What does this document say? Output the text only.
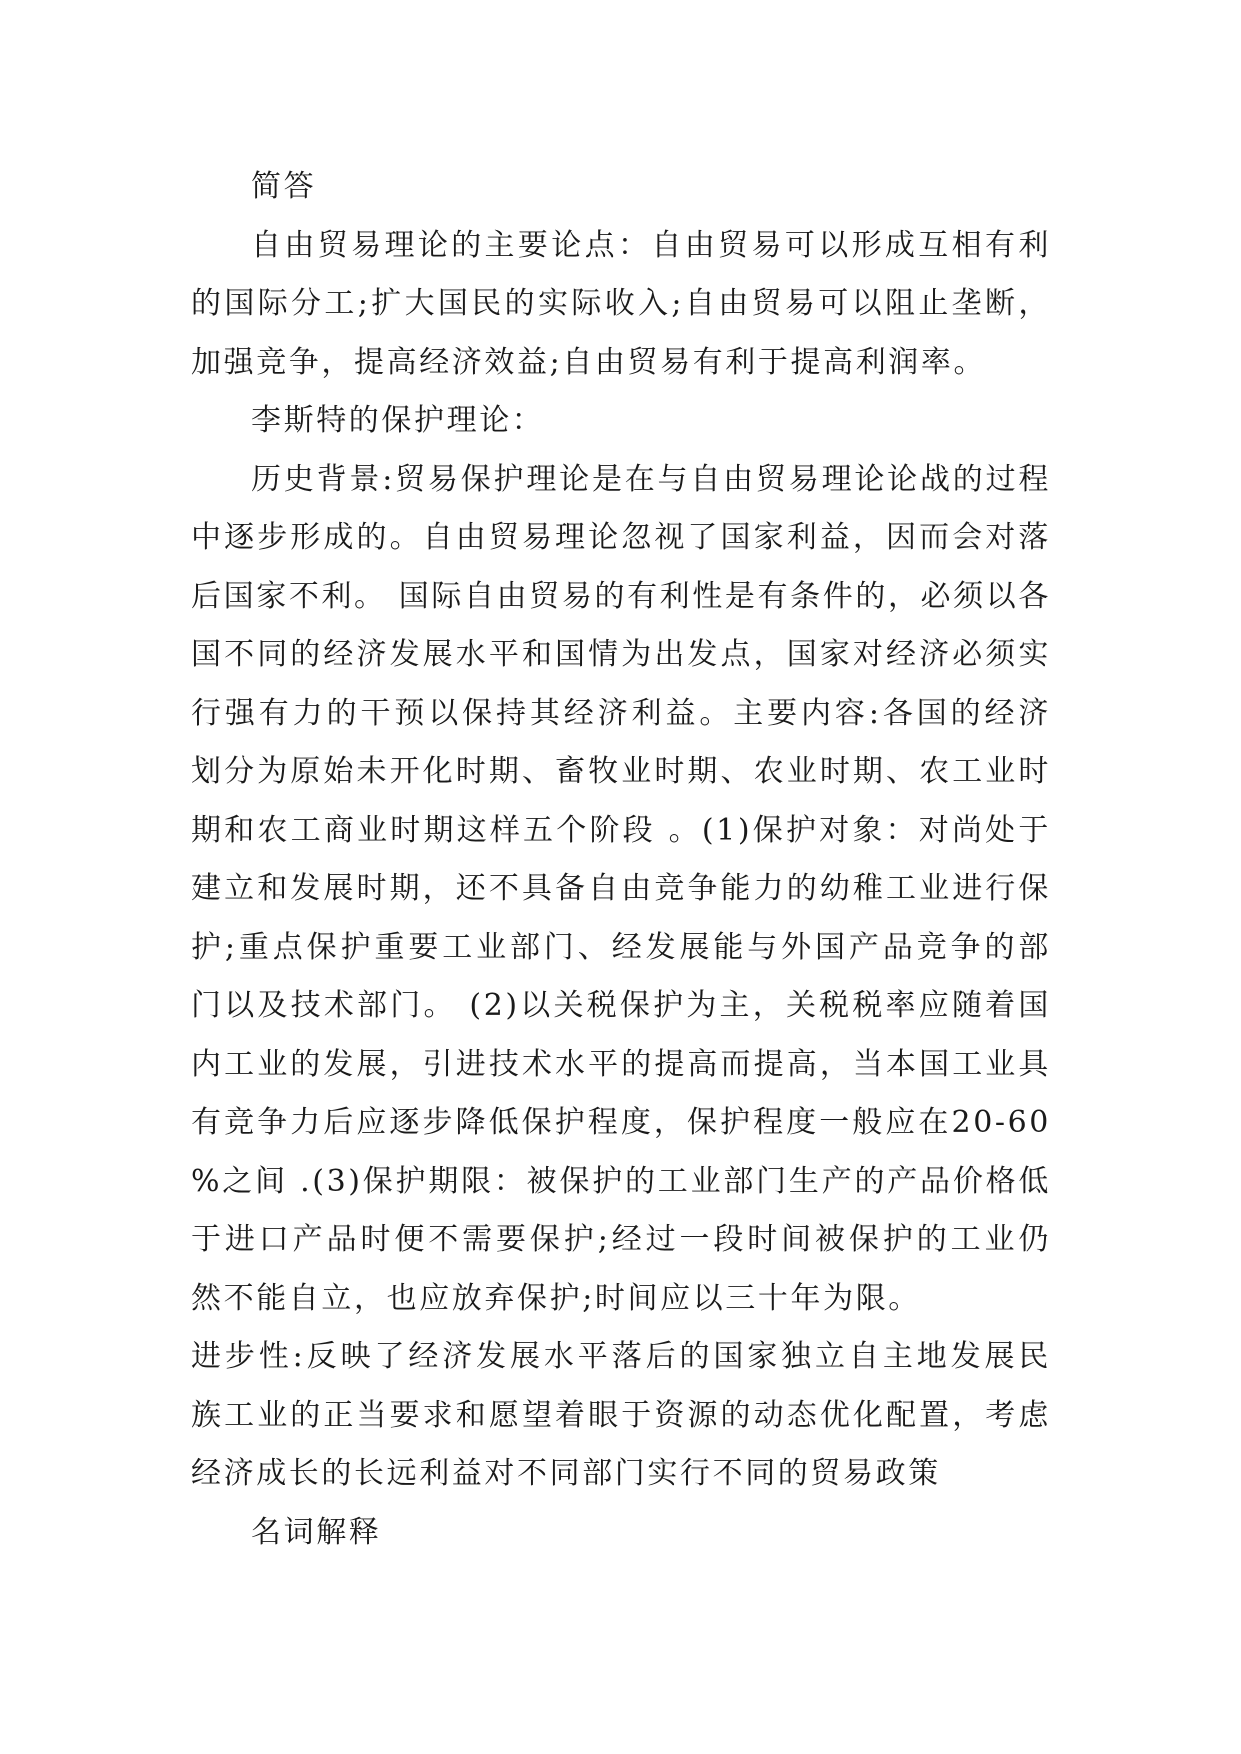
简答

自由贸易理论的主要论点：自由贸易可以形成互相有利的国际分工;扩大国民的实际收入;自由贸易可以阻止垄断，加强竞争，提高经济效益;自由贸易有利于提高利润率。

李斯特的保护理论：

历史背景:贸易保护理论是在与自由贸易理论论战的过程中逐步形成的。自由贸易理论忽视了国家利益，因而会对落后国家不利。 国际自由贸易的有利性是有条件的，必须以各国不同的经济发展水平和国情为出发点，国家对经济必须实行强有力的干预以保持其经济利益。主要内容:各国的经济划分为原始未开化时期、畜牧业时期、农业时期、农工业时期和农工商业时期这样五个阶段 。(1)保护对象：对尚处于建立和发展时期，还不具备自由竞争能力的幼稚工业进行保护;重点保护重要工业部门、经发展能与外国产品竞争的部门以及技术部门。 (2)以关税保护为主，关税税率应随着国内工业的发展，引进技术水平的提高而提高，当本国工业具有竞争力后应逐步降低保护程度，保护程度一般应在20-60%之间 .(3)保护期限：被保护的工业部门生产的产品价格低于进口产品时便不需要保护;经过一段时间被保护的工业仍然不能自立，也应放弃保护;时间应以三十年为限。

进步性:反映了经济发展水平落后的国家独立自主地发展民族工业的正当要求和愿望着眼于资源的动态优化配置，考虑经济成长的长远利益对不同部门实行不同的贸易政策

名词解释
